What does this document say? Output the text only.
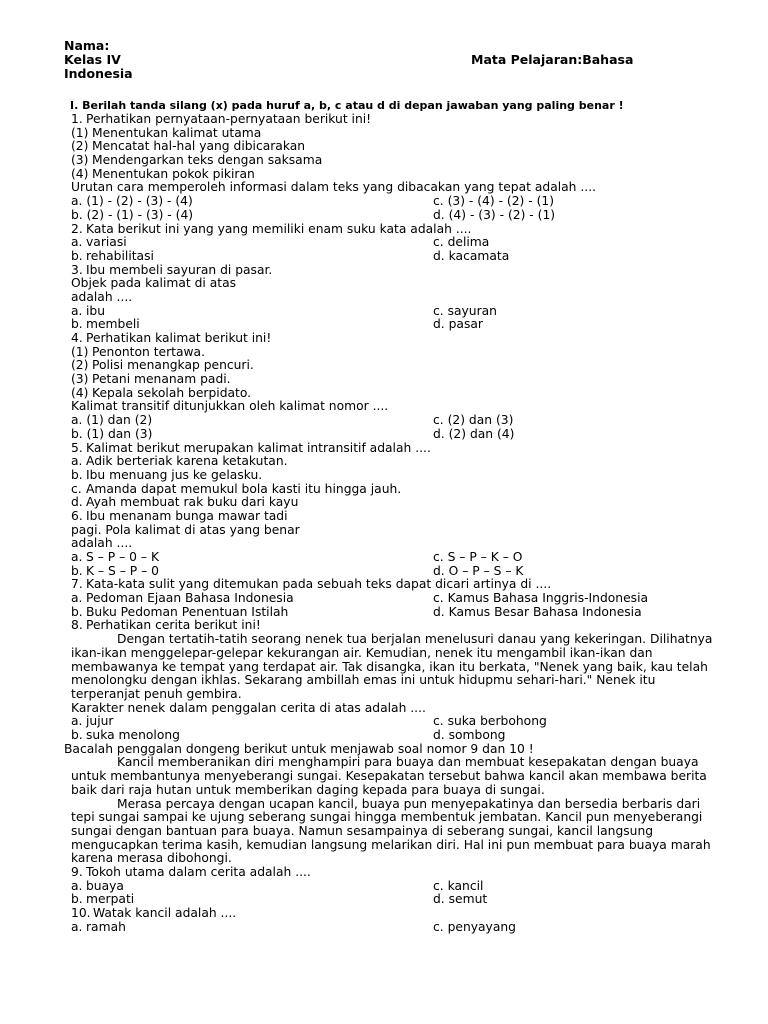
Nama:
Kelas IV	Mata Pelajaran:Bahasa
Indonesia
I. Berilah tanda silang (x) pada huruf a, b, c atau d di depan jawaban yang paling benar !
1. Perhatikan pernyataan-pernyataan berikut ini!
(1) Menentukan kalimat utama
(2) Mencatat hal-hal yang dibicarakan
(3) Mendengarkan teks dengan saksama
(4) Menentukan pokok pikiran
Urutan cara memperoleh informasi dalam teks yang dibacakan yang tepat adalah ....
a. (1) - (2) - (3) - (4)	c. (3) - (4) - (2) - (1)
b. (2) - (1) - (3) - (4)	d. (4) - (3) - (2) - (1)
2. Kata berikut ini yang yang memiliki enam suku kata adalah ....
a. variasi	c. delima
b. rehabilitasi	d. kacamata
3. Ibu membeli sayuran di pasar.
Objek pada kalimat di atas
adalah ....
a. ibu	c. sayuran
b. membeli	d. pasar
4. Perhatikan kalimat berikut ini!
(1) Penonton tertawa.
(2) Polisi menangkap pencuri.
(3) Petani menanam padi.
(4) Kepala sekolah berpidato.
Kalimat transitif ditunjukkan oleh kalimat nomor ....
a. (1) dan (2)	c. (2) dan (3)
b. (1) dan (3)	d. (2) dan (4)
5. Kalimat berikut merupakan kalimat intransitif adalah ....
a. Adik berteriak karena ketakutan.
b. Ibu menuang jus ke gelasku.
c. Amanda dapat memukul bola kasti itu hingga jauh.
d. Ayah membuat rak buku dari kayu
6. Ibu menanam bunga mawar tadi
pagi. Pola kalimat di atas yang benar
adalah ....
a. S – P – 0 – K	c. S – P – K – O
b. K – S – P – 0	d. O – P – S – K
7. Kata-kata sulit yang ditemukan pada sebuah teks dapat dicari artinya di ....
a. Pedoman Ejaan Bahasa Indonesia	c. Kamus Bahasa Inggris-Indonesia
b. Buku Pedoman Penentuan Istilah	d. Kamus Besar Bahasa Indonesia
8. Perhatikan cerita berikut ini!

Dengan tertatih-tatih seorang nenek tua berjalan menelusuri danau yang kekeringan. Dilihatnya ikan-ikan menggelepar-gelepar kekurangan air. Kemudian, nenek itu mengambil ikan-ikan dan membawanya ke tempat yang terdapat air. Tak disangka, ikan itu berkata, "Nenek yang baik, kau telah menolongku dengan ikhlas. Sekarang ambillah emas ini untuk hidupmu sehari-hari." Nenek itu terperanjat penuh gembira.

Karakter nenek dalam penggalan cerita di atas adalah ....
a. jujur	c. suka berbohong
b. suka menolong	d. sombong
Bacalah penggalan dongeng berikut untuk menjawab soal nomor 9 dan 10 !

Kancil memberanikan diri menghampiri para buaya dan membuat kesepakatan dengan buaya untuk membantunya menyeberangi sungai. Kesepakatan tersebut bahwa kancil akan membawa berita baik dari raja hutan untuk memberikan daging kepada para buaya di sungai.

Merasa percaya dengan ucapan kancil, buaya pun menyepakatinya dan bersedia berbaris dari tepi sungai sampai ke ujung seberang sungai hingga membentuk jembatan. Kancil pun menyeberangi sungai dengan bantuan para buaya. Namun sesampainya di seberang sungai, kancil langsung mengucapkan terima kasih, kemudian langsung melarikan diri. Hal ini pun membuat para buaya marah karena merasa dibohongi.

9. Tokoh utama dalam cerita adalah ....
a. buaya	c. kancil
b. merpati	d. semut
10. Watak kancil adalah ....
a. ramah	c. penyayang
